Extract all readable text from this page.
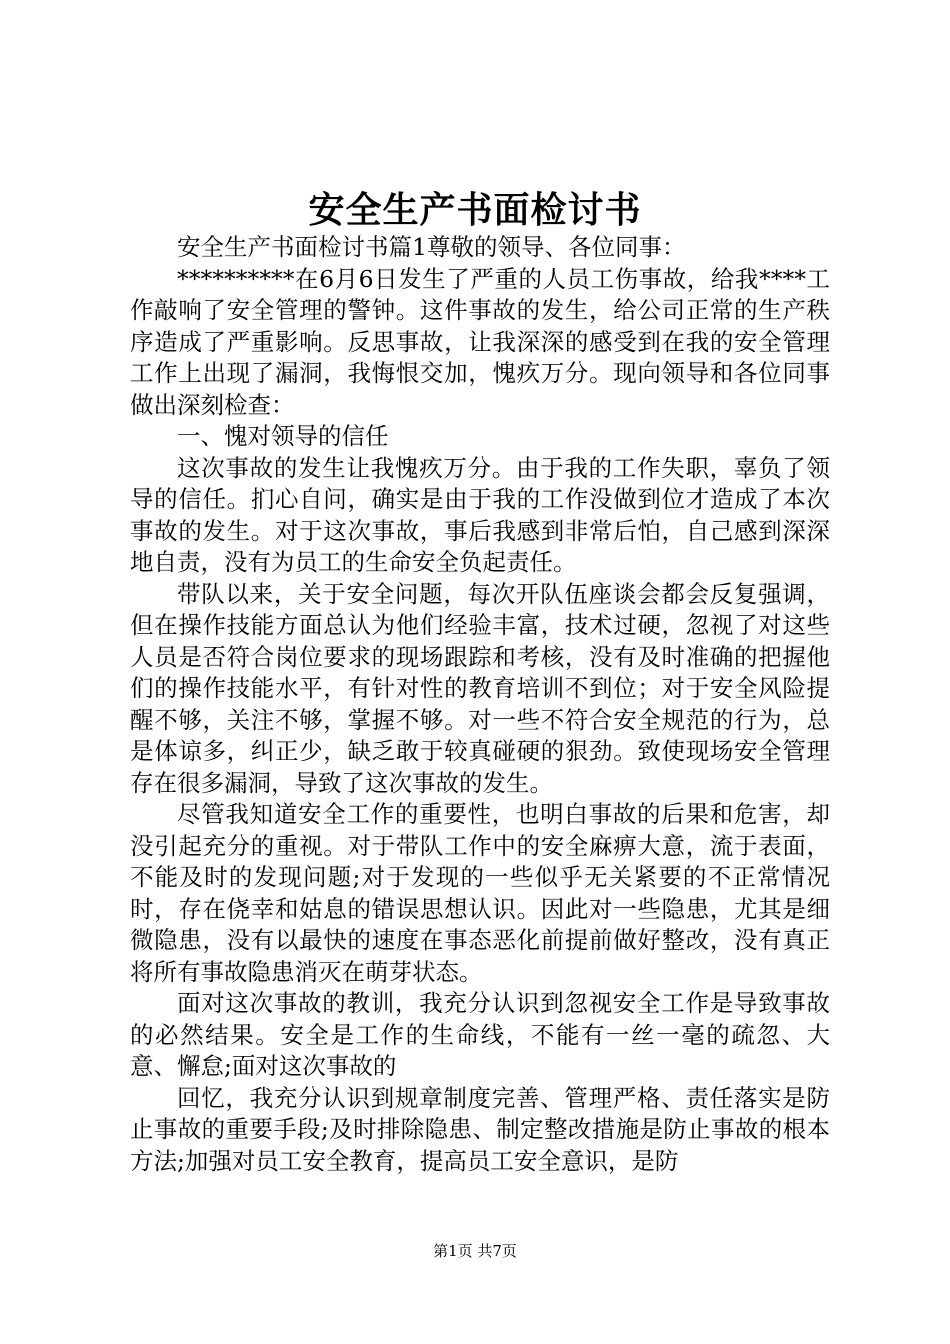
安全生产书面检讨书

安全生产书面检讨书篇1尊敬的领导、各位同事：

**********在6月6日发生了严重的人员工伤事故，给我****工作敲响了安全管理的警钟。这件事故的发生，给公司正常的生产秩序造成了严重影响。反思事故，让我深深的感受到在我的安全管理工作上出现了漏洞，我悔恨交加，愧疚万分。现向领导和各位同事做出深刻检查：

一、愧对领导的信任

这次事故的发生让我愧疚万分。由于我的工作失职，辜负了领导的信任。扪心自问，确实是由于我的工作没做到位才造成了本次事故的发生。对于这次事故，事后我感到非常后怕，自己感到深深地自责，没有为员工的生命安全负起责任。

带队以来，关于安全问题，每次开队伍座谈会都会反复强调，但在操作技能方面总认为他们经验丰富，技术过硬，忽视了对这些人员是否符合岗位要求的现场跟踪和考核，没有及时准确的把握他们的操作技能水平，有针对性的教育培训不到位；对于安全风险提醒不够，关注不够，掌握不够。对一些不符合安全规范的行为，总是体谅多，纠正少，缺乏敢于较真碰硬的狠劲。致使现场安全管理存在很多漏洞，导致了这次事故的发生。

尽管我知道安全工作的重要性，也明白事故的后果和危害，却没引起充分的重视。对于带队工作中的安全麻痹大意，流于表面，不能及时的发现问题;对于发现的一些似乎无关紧要的不正常情况时，存在侥幸和姑息的错误思想认识。因此对一些隐患，尤其是细微隐患，没有以最快的速度在事态恶化前提前做好整改，没有真正将所有事故隐患消灭在萌芽状态。

面对这次事故的教训，我充分认识到忽视安全工作是导致事故的必然结果。安全是工作的生命线，不能有一丝一毫的疏忽、大意、懈怠;面对这次事故的

回忆，我充分认识到规章制度完善、管理严格、责任落实是防止事故的重要手段;及时排除隐患、制定整改措施是防止事故的根本方法;加强对员工安全教育，提高员工安全意识，是防

第1页 共7页
